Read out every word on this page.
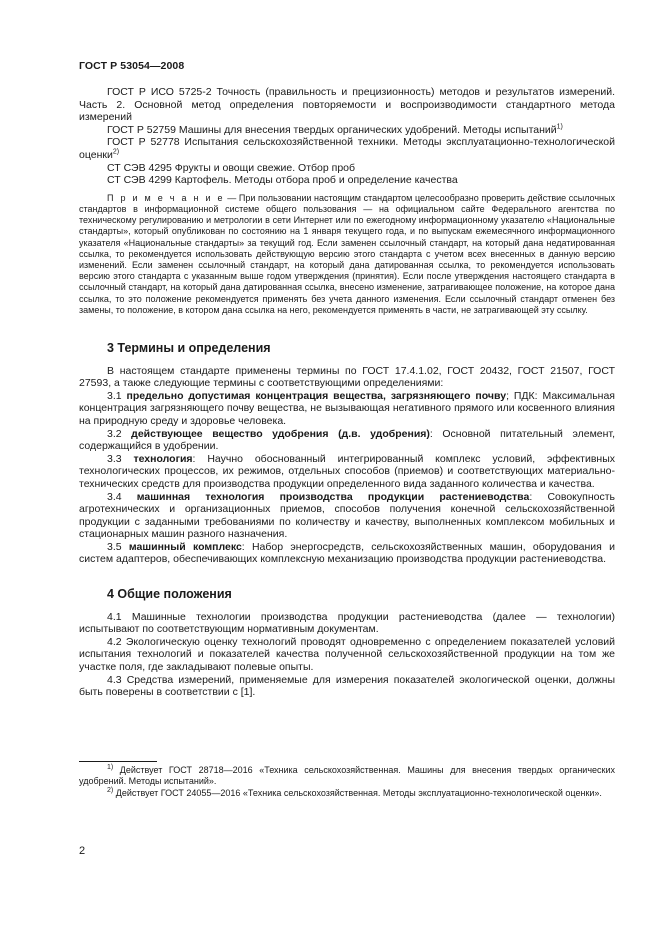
ГОСТ Р 53054—2008

ГОСТ Р ИСО 5725-2 Точность (правильность и прецизионность) методов и результатов измерений. Часть 2. Основной метод определения повторяемости и воспроизводимости стандартного метода измерений

ГОСТ Р 52759 Машины для внесения твердых органических удобрений. Методы испытаний$^{1)}$

ГОСТ Р 52778 Испытания сельскохозяйственной техники. Методы эксплуатационно-технологической оценки$^{2)}$

СТ СЭВ 4295 Фрукты и овощи свежие. Отбор проб

СТ СЭВ 4299 Картофель. Методы отбора проб и определение качества

П р и м е ч а н и е — При пользовании настоящим стандартом целесообразно проверить действие ссылочных стандартов в информационной системе общего пользования — на официальном сайте Федерального агентства по техническому регулированию и метрологии в сети Интернет или по ежегодному информационному указателю «Национальные стандарты», который опубликован по состоянию на 1 января текущего года, и по выпускам ежемесячного информационного указателя «Национальные стандарты» за текущий год. Если заменен ссылочный стандарт, на который дана недатированная ссылка, то рекомендуется использовать действующую версию этого стандарта с учетом всех внесенных в данную версию изменений. Если заменен ссылочный стандарт, на который дана датированная ссылка, то рекомендуется использовать версию этого стандарта с указанным выше годом утверждения (принятия). Если после утверждения настоящего стандарта в ссылочный стандарт, на который дана датированная ссылка, внесено изменение, затрагивающее положение, на которое дана ссылка, то это положение рекомендуется применять без учета данного изменения. Если ссылочный стандарт отменен без замены, то положение, в котором дана ссылка на него, рекомендуется применять в части, не затрагивающей эту ссылку.

3 Термины и определения

В настоящем стандарте применены термины по ГОСТ 17.4.1.02, ГОСТ 20432, ГОСТ 21507, ГОСТ 27593, а также следующие термины с соответствующими определениями:

3.1 предельно допустимая концентрация вещества, загрязняющего почву; ПДК: Максимальная концентрация загрязняющего почву вещества, не вызывающая негативного прямого или косвенного влияния на природную среду и здоровье человека.

3.2 действующее вещество удобрения (д.в. удобрения): Основной питательный элемент, содержащийся в удобрении.

3.3 технология: Научно обоснованный интегрированный комплекс условий, эффективных технологических процессов, их режимов, отдельных способов (приемов) и соответствующих материально-технических средств для производства продукции определенного вида заданного количества и качества.

3.4 машинная технология производства продукции растениеводства: Совокупность агротехнических и организационных приемов, способов получения конечной сельскохозяйственной продукции с заданными требованиями по количеству и качеству, выполненных комплексом мобильных и стационарных машин разного назначения.

3.5 машинный комплекс: Набор энергосредств, сельскохозяйственных машин, оборудования и систем адаптеров, обеспечивающих комплексную механизацию производства продукции растениеводства.

4 Общие положения

4.1 Машинные технологии производства продукции растениеводства (далее — технологии) испытывают по соответствующим нормативным документам.

4.2 Экологическую оценку технологий проводят одновременно с определением показателей условий испытания технологий и показателей качества полученной сельскохозяйственной продукции на том же участке поля, где закладывают полевые опыты.

4.3 Средства измерений, применяемые для измерения показателей экологической оценки, должны быть поверены в соответствии с [1].

$^{1)}$ Действует ГОСТ 28718—2016 «Техника сельскохозяйственная. Машины для внесения твердых органических удобрений. Методы испытаний».

$^{2)}$ Действует ГОСТ 24055—2016 «Техника сельскохозяйственная. Методы эксплуатационно-технологической оценки».

2
